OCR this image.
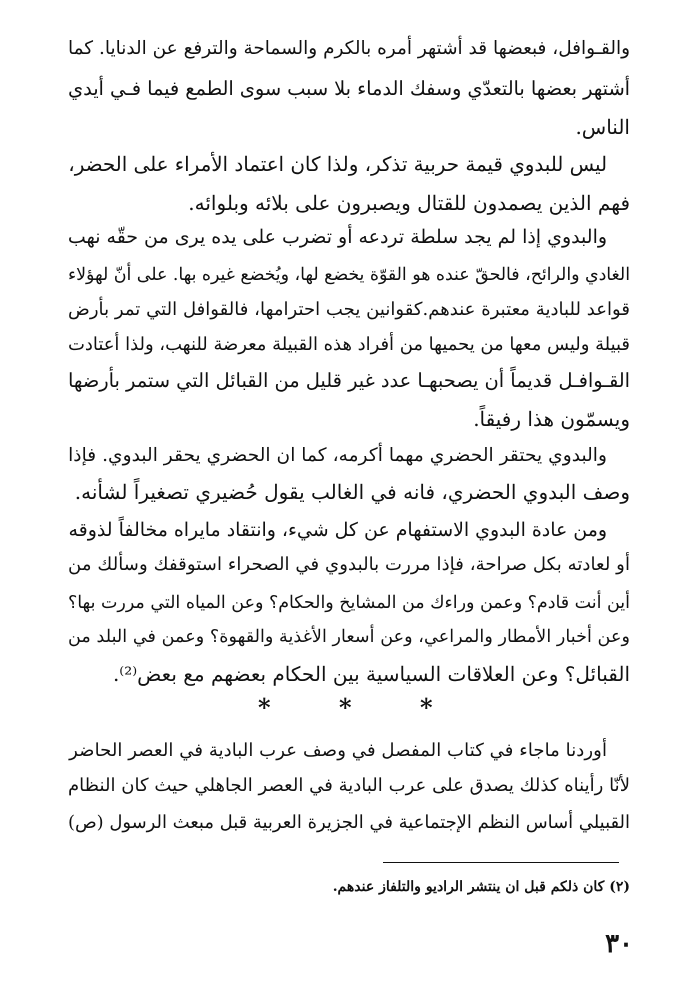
والقـوافل، فبعضها قد أشتهر أمره بالكرم والسماحة والترفع عن الدنايا. كما
أشتهر بعضها بالتعدّي وسفك الدماء بلا سبب سوى الطمع فيما فـي أيدي
الناس.
ليس للبدوي قيمة حربية تذكر، ولذا كان اعتماد الأمراء على الحضر،
فهم الذين يصمدون للقتال ويصبرون على بلائه وبلوائه.
والبدوي إذا لم يجد سلطة تردعه أو تضرب على يده يرى من حقّه نهب
الغادي والرائح، فالحقّ عنده هو القوّة يخضع لها، ويُخضع غيره بها. على أنّ لهؤلاء
قواعد للبادية معتبرة عندهم.كقوانين يجب احترامها، فالقوافل التي تمر بأرض
قبيلة وليس معها من يحميها من أفراد هذه القبيلة معرضة للنهب، ولذا أعتادت
القـوافـل قديماً أن يصحبهـا عدد غير قليل من القبائل التي ستمر بأرضها
ويسمّون هذا رفيقاً.
والبدوي يحتقر الحضري مهما أكرمه، كما ان الحضري يحقر البدوي. فإذا
وصف البدوي الحضري، فانه في الغالب يقول حُضيري تصغيراً لشأنه.
ومن عادة البدوي الاستفهام عن كل شيء، وانتقاد مايراه مخالفاً لذوقه
أو لعادته بكل صراحة، فإذا مررت بالبدوي في الصحراء استوقفك وسألك من
أين أنت قادم؟ وعمن وراءك من المشايخ والحكام؟ وعن المياه التي مررت بها؟
وعن أخبار الأمطار والمراعي، وعن أسعار الأغذية والقهوة؟ وعمن في البلد من
القبائل؟ وعن العلاقات السياسية بين الحكام بعضهم مع بعض⁽²⁾.
*	*	*
أوردنا ماجاء في كتاب المفصل في وصف عرب البادية في العصر الحاضر
لأنّا رأيناه كذلك يصدق على عرب البادية في العصر الجاهلي حيث كان النظام
القبيلي أساس النظم الإجتماعية في الجزيرة العربية قبل مبعث الرسول (ص)
(٢) كان ذلكم قبل ان ينتشر الراديو والتلفاز عندهم.
٣٠
